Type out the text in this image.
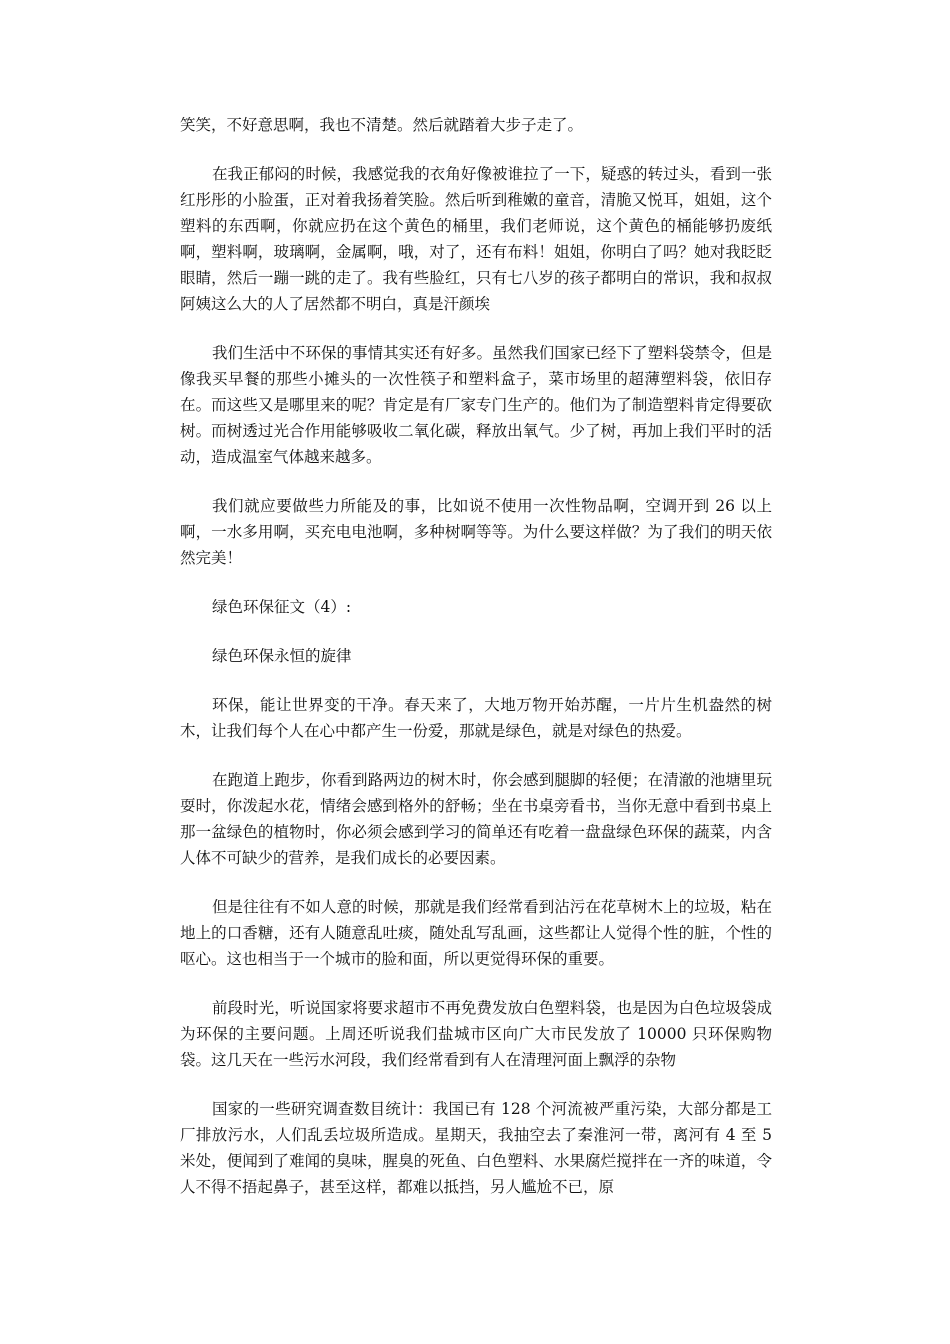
笑笑，不好意思啊，我也不清楚。然后就踏着大步子走了。

在我正郁闷的时候，我感觉我的衣角好像被谁拉了一下，疑惑的转过头，看到一张红彤彤的小脸蛋，正对着我扬着笑脸。然后听到稚嫩的童音，清脆又悦耳，姐姐，这个塑料的东西啊，你就应扔在这个黄色的桶里，我们老师说，这个黄色的桶能够扔废纸啊，塑料啊，玻璃啊，金属啊，哦，对了，还有布料！姐姐，你明白了吗？她对我眨眨眼睛，然后一蹦一跳的走了。我有些脸红，只有七八岁的孩子都明白的常识，我和叔叔阿姨这么大的人了居然都不明白，真是汗颜埃

我们生活中不环保的事情其实还有好多。虽然我们国家已经下了塑料袋禁令，但是像我买早餐的那些小摊头的一次性筷子和塑料盒子，菜市场里的超薄塑料袋，依旧存在。而这些又是哪里来的呢？肯定是有厂家专门生产的。他们为了制造塑料肯定得要砍树。而树透过光合作用能够吸收二氧化碳，释放出氧气。少了树，再加上我们平时的活动，造成温室气体越来越多。

我们就应要做些力所能及的事，比如说不使用一次性物品啊，空调开到 26 以上啊，一水多用啊，买充电电池啊，多种树啊等等。为什么要这样做？为了我们的明天依然完美！

绿色环保征文（4）:

绿色环保永恒的旋律

环保，能让世界变的干净。春天来了，大地万物开始苏醒，一片片生机盎然的树木，让我们每个人在心中都产生一份爱，那就是绿色，就是对绿色的热爱。

在跑道上跑步，你看到路两边的树木时，你会感到腿脚的轻便；在清澈的池塘里玩耍时，你泼起水花，情绪会感到格外的舒畅；坐在书桌旁看书，当你无意中看到书桌上那一盆绿色的植物时，你必须会感到学习的简单还有吃着一盘盘绿色环保的蔬菜，内含人体不可缺少的营养，是我们成长的必要因素。

但是往往有不如人意的时候，那就是我们经常看到沾污在花草树木上的垃圾，粘在地上的口香糖，还有人随意乱吐痰，随处乱写乱画，这些都让人觉得个性的脏，个性的呕心。这也相当于一个城市的脸和面，所以更觉得环保的重要。

前段时光，听说国家将要求超市不再免费发放白色塑料袋，也是因为白色垃圾袋成为环保的主要问题。上周还听说我们盐城市区向广大市民发放了 10000 只环保购物袋。这几天在一些污水河段，我们经常看到有人在清理河面上飘浮的杂物

国家的一些研究调查数目统计：我国已有 128 个河流被严重污染，大部分都是工厂排放污水，人们乱丢垃圾所造成。星期天，我抽空去了秦淮河一带，离河有 4 至 5 米处，便闻到了难闻的臭味，腥臭的死鱼、白色塑料、水果腐烂搅拌在一齐的味道，令人不得不捂起鼻子，甚至这样，都难以抵挡，另人尴尬不已，原
